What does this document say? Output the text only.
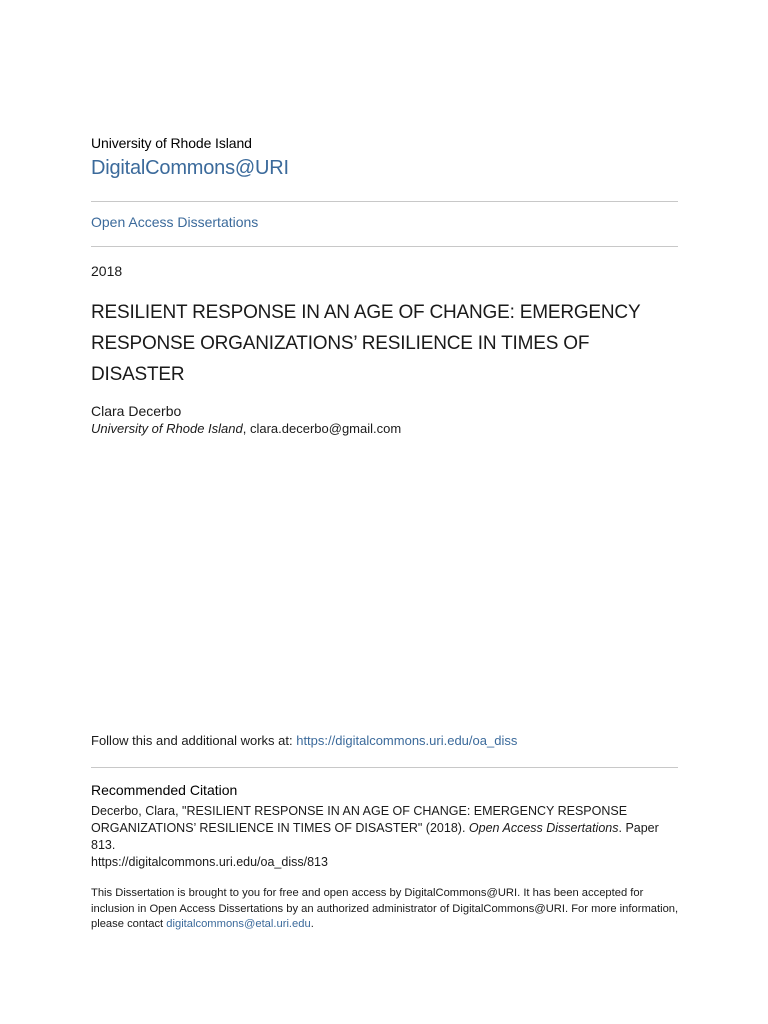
University of Rhode Island
DigitalCommons@URI
Open Access Dissertations
2018
RESILIENT RESPONSE IN AN AGE OF CHANGE: EMERGENCY RESPONSE ORGANIZATIONS’ RESILIENCE IN TIMES OF DISASTER
Clara Decerbo
University of Rhode Island, clara.decerbo@gmail.com
Follow this and additional works at: https://digitalcommons.uri.edu/oa_diss
Recommended Citation
Decerbo, Clara, "RESILIENT RESPONSE IN AN AGE OF CHANGE: EMERGENCY RESPONSE ORGANIZATIONS’ RESILIENCE IN TIMES OF DISASTER" (2018). Open Access Dissertations. Paper 813.
https://digitalcommons.uri.edu/oa_diss/813
This Dissertation is brought to you for free and open access by DigitalCommons@URI. It has been accepted for inclusion in Open Access Dissertations by an authorized administrator of DigitalCommons@URI. For more information, please contact digitalcommons@etal.uri.edu.
